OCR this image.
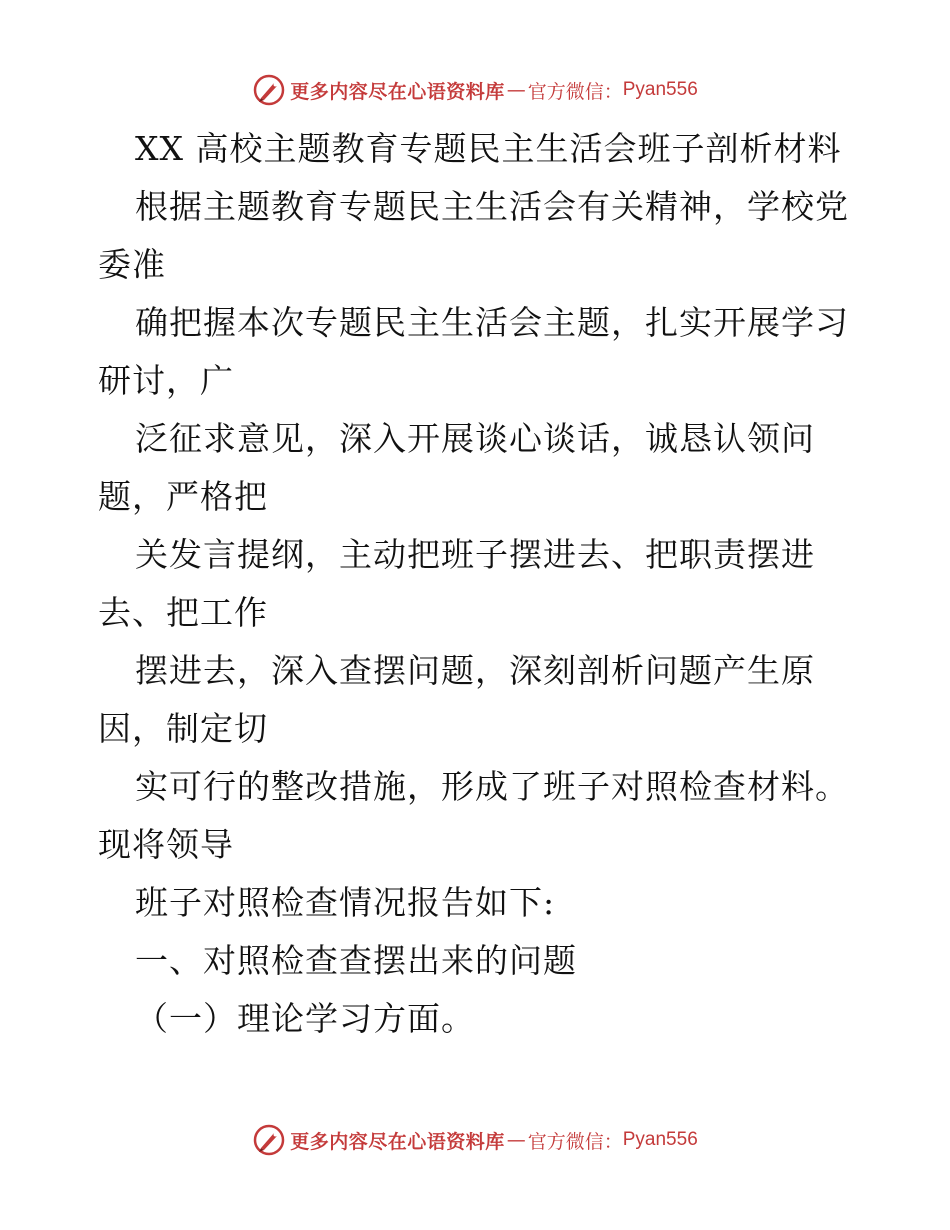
更多内容尽在心语资料库 — 官方微信： Pyan556
XX 高校主题教育专题民主生活会班子剖析材料
根据主题教育专题民主生活会有关精神，学校党
委准
确把握本次专题民主生活会主题，扎实开展学习
研讨，广
泛征求意见，深入开展谈心谈话，诚恳认领问
题，严格把
关发言提纲，主动把班子摆进去、把职责摆进
去、把工作
摆进去，深入查摆问题，深刻剖析问题产生原
因，制定切
实可行的整改措施，形成了班子对照检查材料。
现将领导
班子对照检查情况报告如下:
一、对照检查查摆出来的问题
（一）理论学习方面。
更多内容尽在心语资料库 — 官方微信： Pyan556
